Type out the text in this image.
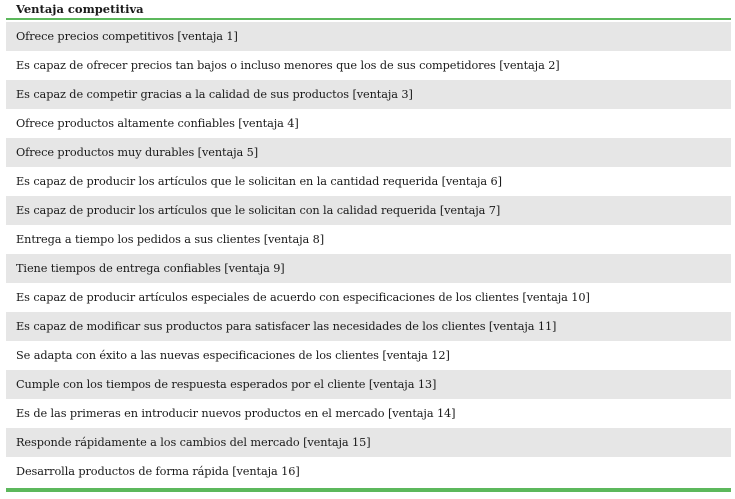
Ventaja competitiva
Ofrece precios competitivos [ventaja 1]
Es capaz de ofrecer precios tan bajos o incluso menores que los de sus competidores [ventaja 2]
Es capaz de competir gracias a la calidad de sus productos [ventaja 3]
Ofrece productos altamente confiables [ventaja 4]
Ofrece productos muy durables [ventaja 5]
Es capaz de producir los artículos que le solicitan en la cantidad requerida [ventaja 6]
Es capaz de producir los artículos que le solicitan con la calidad requerida [ventaja 7]
Entrega a tiempo los pedidos a sus clientes [ventaja 8]
Tiene tiempos de entrega confiables [ventaja 9]
Es capaz de producir artículos especiales de acuerdo con especificaciones de los clientes [ventaja 10]
Es capaz de modificar sus productos para satisfacer las necesidades de los clientes [ventaja 11]
Se adapta con éxito a las nuevas especificaciones de los clientes [ventaja 12]
Cumple con los tiempos de respuesta esperados por el cliente [ventaja 13]
Es de las primeras en introducir nuevos productos en el mercado [ventaja 14]
Responde rápidamente a los cambios del mercado [ventaja 15]
Desarrolla productos de forma rápida [ventaja 16]
